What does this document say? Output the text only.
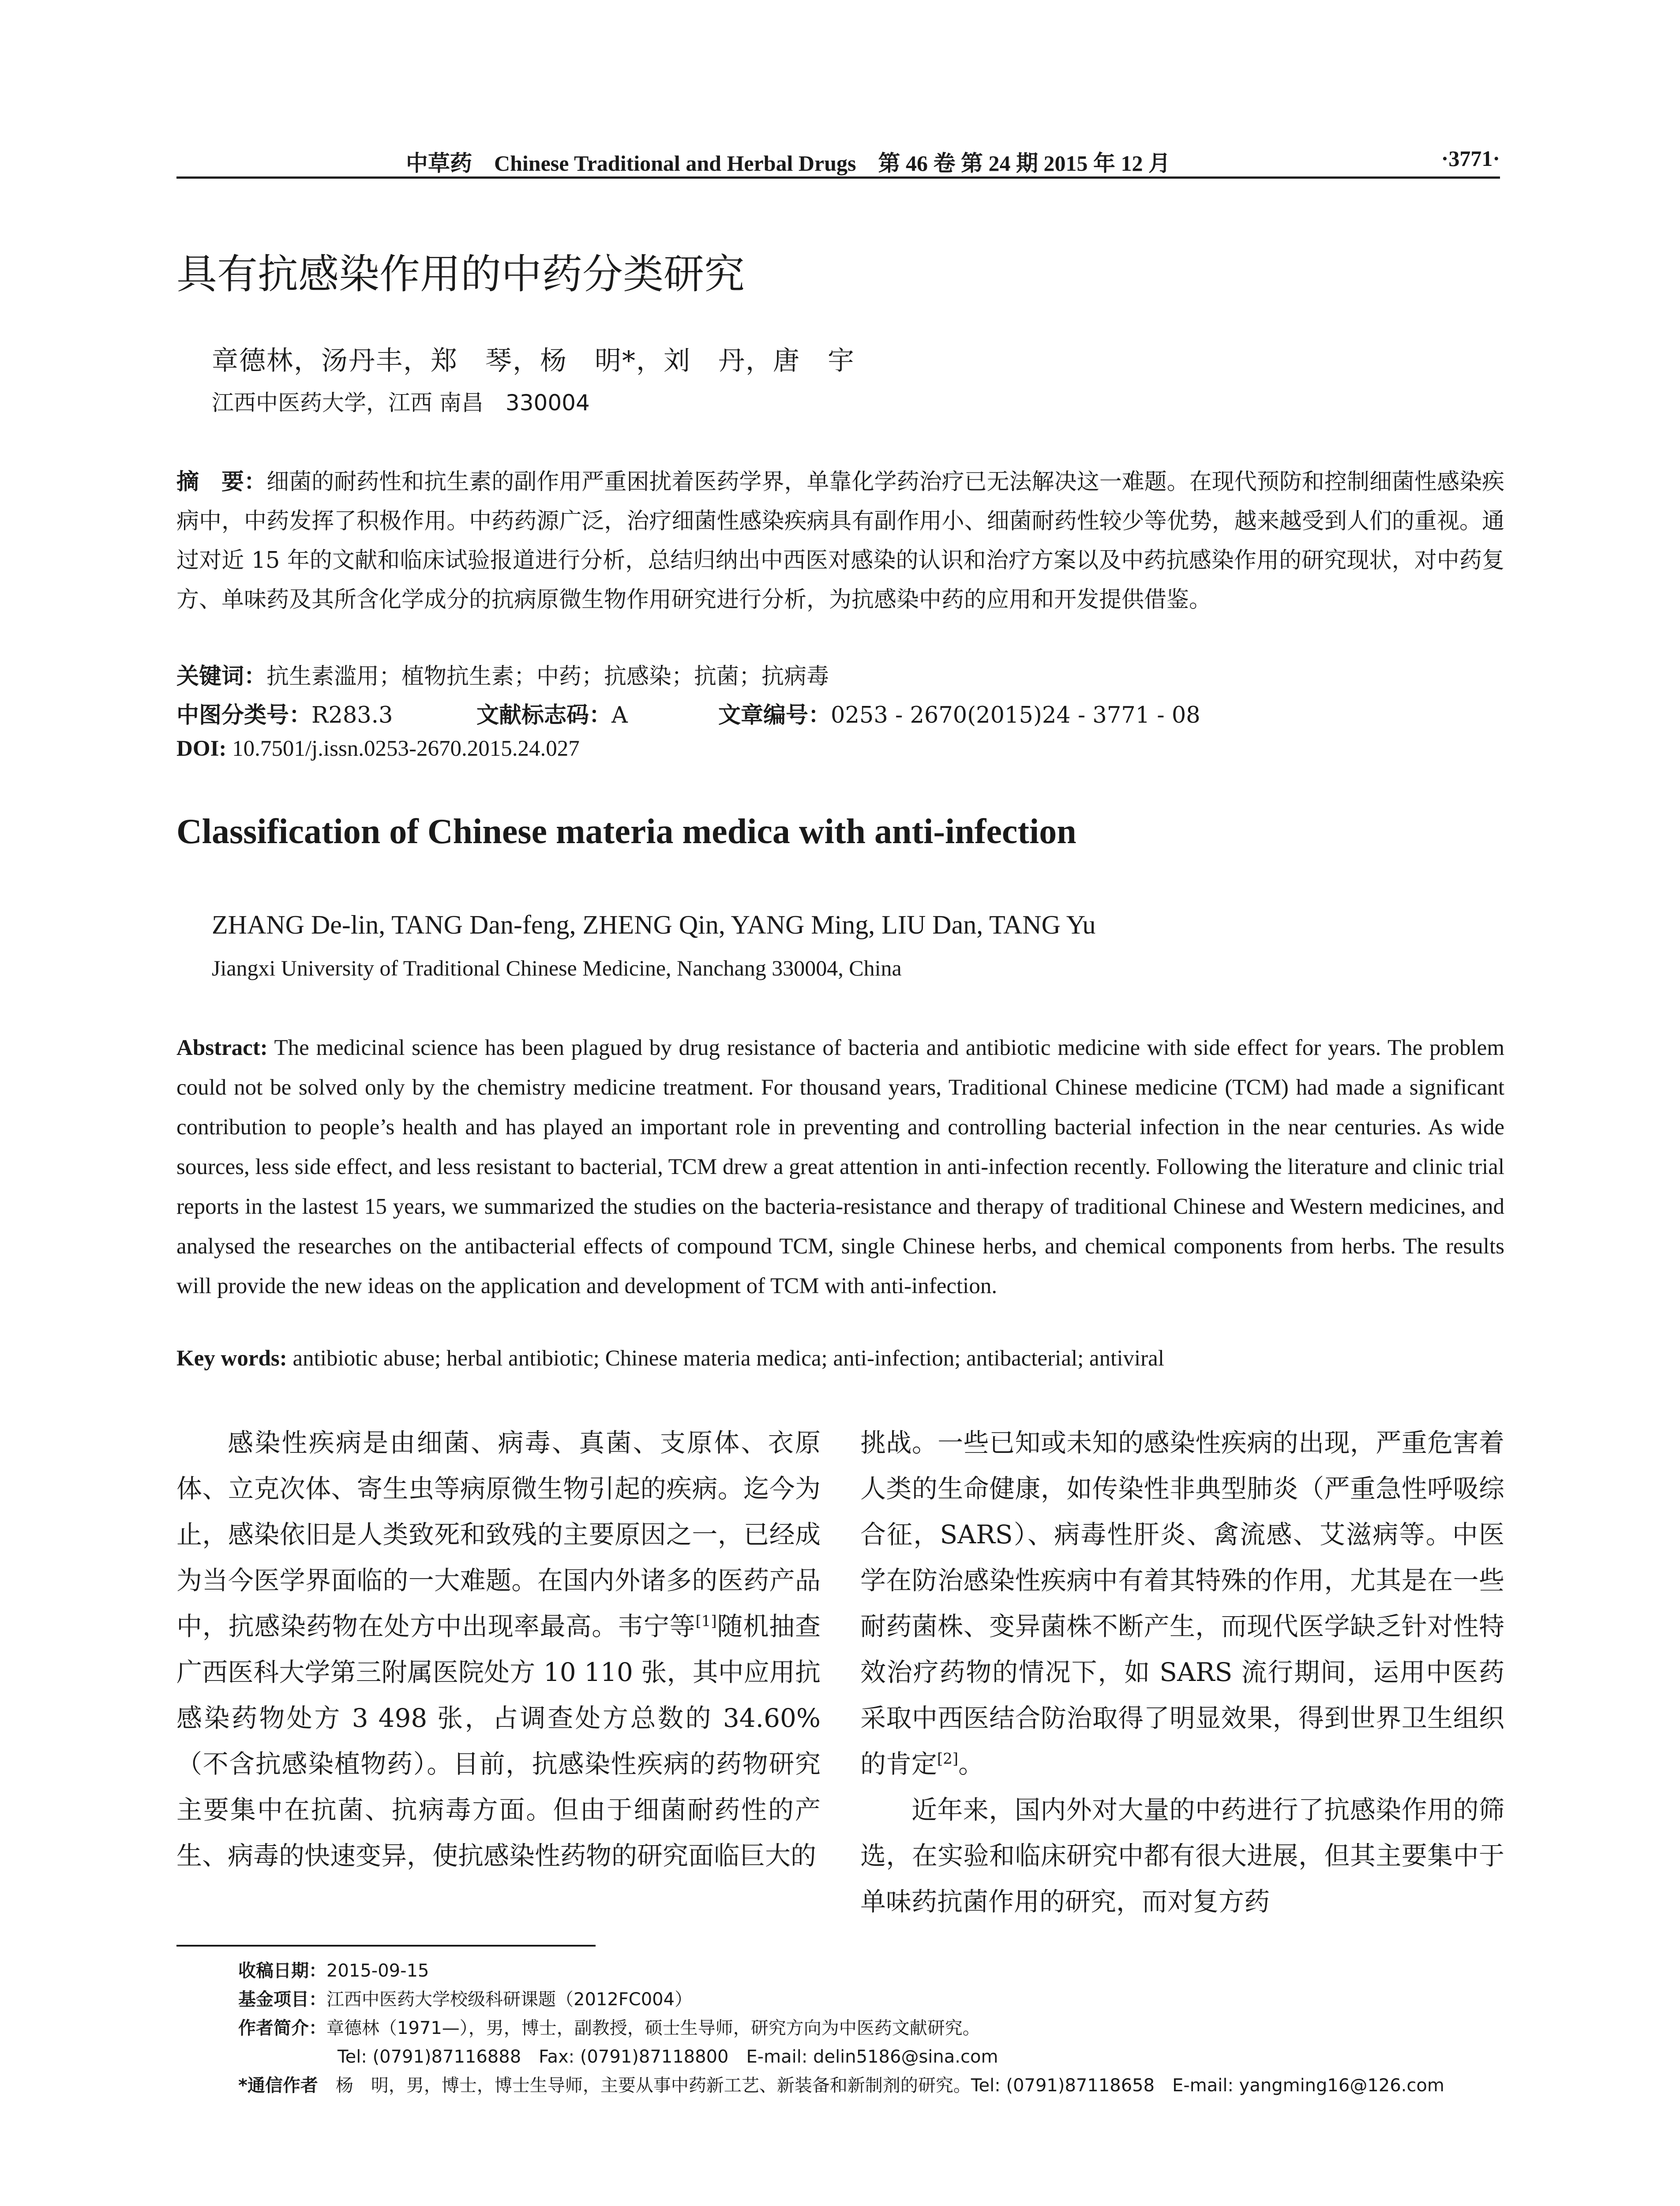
中草药　Chinese Traditional and Herbal Drugs　第 46 卷 第 24 期 2015 年 12 月	·3771·
具有抗感染作用的中药分类研究
章德林，汤丹丰，郑　琴，杨　明*，刘　丹，唐　宇
江西中医药大学，江西 南昌　330004
摘　要：细菌的耐药性和抗生素的副作用严重困扰着医药学界，单靠化学药治疗已无法解决这一难题。在现代预防和控制细菌性感染疾病中，中药发挥了积极作用。中药药源广泛，治疗细菌性感染疾病具有副作用小、细菌耐药性较少等优势，越来越受到人们的重视。通过对近 15 年的文献和临床试验报道进行分析，总结归纳出中西医对感染的认识和治疗方案以及中药抗感染作用的研究现状，对中药复方、单味药及其所含化学成分的抗病原微生物作用研究进行分析，为抗感染中药的应用和开发提供借鉴。
关键词：抗生素滥用；植物抗生素；中药；抗感染；抗菌；抗病毒
中图分类号：R283.3	文献标志码：A	文章编号：0253 - 2670(2015)24 - 3771 - 08
DOI: 10.7501/j.issn.0253-2670.2015.24.027
Classification of Chinese materia medica with anti-infection
ZHANG De-lin, TANG Dan-feng, ZHENG Qin, YANG Ming, LIU Dan, TANG Yu
Jiangxi University of Traditional Chinese Medicine, Nanchang 330004, China
Abstract: The medicinal science has been plagued by drug resistance of bacteria and antibiotic medicine with side effect for years. The problem could not be solved only by the chemistry medicine treatment. For thousand years, Traditional Chinese medicine (TCM) had made a significant contribution to people’s health and has played an important role in preventing and controlling bacterial infection in the near centuries. As wide sources, less side effect, and less resistant to bacterial, TCM drew a great attention in anti-infection recently. Following the literature and clinic trial reports in the lastest 15 years, we summarized the studies on the bacteria-resistance and therapy of traditional Chinese and Western medicines, and analysed the researches on the antibacterial effects of compound TCM, single Chinese herbs, and chemical components from herbs. The results will provide the new ideas on the application and development of TCM with anti-infection.
Key words: antibiotic abuse; herbal antibiotic; Chinese materia medica; anti-infection; antibacterial; antiviral

感染性疾病是由细菌、病毒、真菌、支原体、衣原体、立克次体、寄生虫等病原微生物引起的疾病。迄今为止，感染依旧是人类致死和致残的主要原因之一，已经成为当今医学界面临的一大难题。在国内外诸多的医药产品中，抗感染药物在处方中出现率最高。韦宁等[1]随机抽查广西医科大学第三附属医院处方 10 110 张，其中应用抗感染药物处方 3 498 张，占调查处方总数的 34.60%（不含抗感染植物药）。目前，抗感染性疾病的药物研究主要集中在抗菌、抗病毒方面。但由于细菌耐药性的产生、病毒的快速变异，使抗感染性药物的研究面临巨大的

挑战。一些已知或未知的感染性疾病的出现，严重危害着人类的生命健康，如传染性非典型肺炎（严重急性呼吸综合征，SARS）、病毒性肝炎、禽流感、艾滋病等。中医学在防治感染性疾病中有着其特殊的作用，尤其是在一些耐药菌株、变异菌株不断产生，而现代医学缺乏针对性特效治疗药物的情况下，如 SARS 流行期间，运用中医药采取中西医结合防治取得了明显效果，得到世界卫生组织的肯定[2]。

近年来，国内外对大量的中药进行了抗感染作用的筛选，在实验和临床研究中都有很大进展，但其主要集中于单味药抗菌作用的研究，而对复方药

收稿日期：2015-09-15
基金项目：江西中医药大学校级科研课题（2012FC004）
作者简介：章德林（1971—），男，博士，副教授，硕士生导师，研究方向为中医药文献研究。
Tel: (0791)87116888　Fax: (0791)87118800　E-mail: delin5186@sina.com
*通信作者 杨　明，男，博士，博士生导师，主要从事中药新工艺、新装备和新制剂的研究。Tel: (0791)87118658　E-mail: yangming16@126.com
